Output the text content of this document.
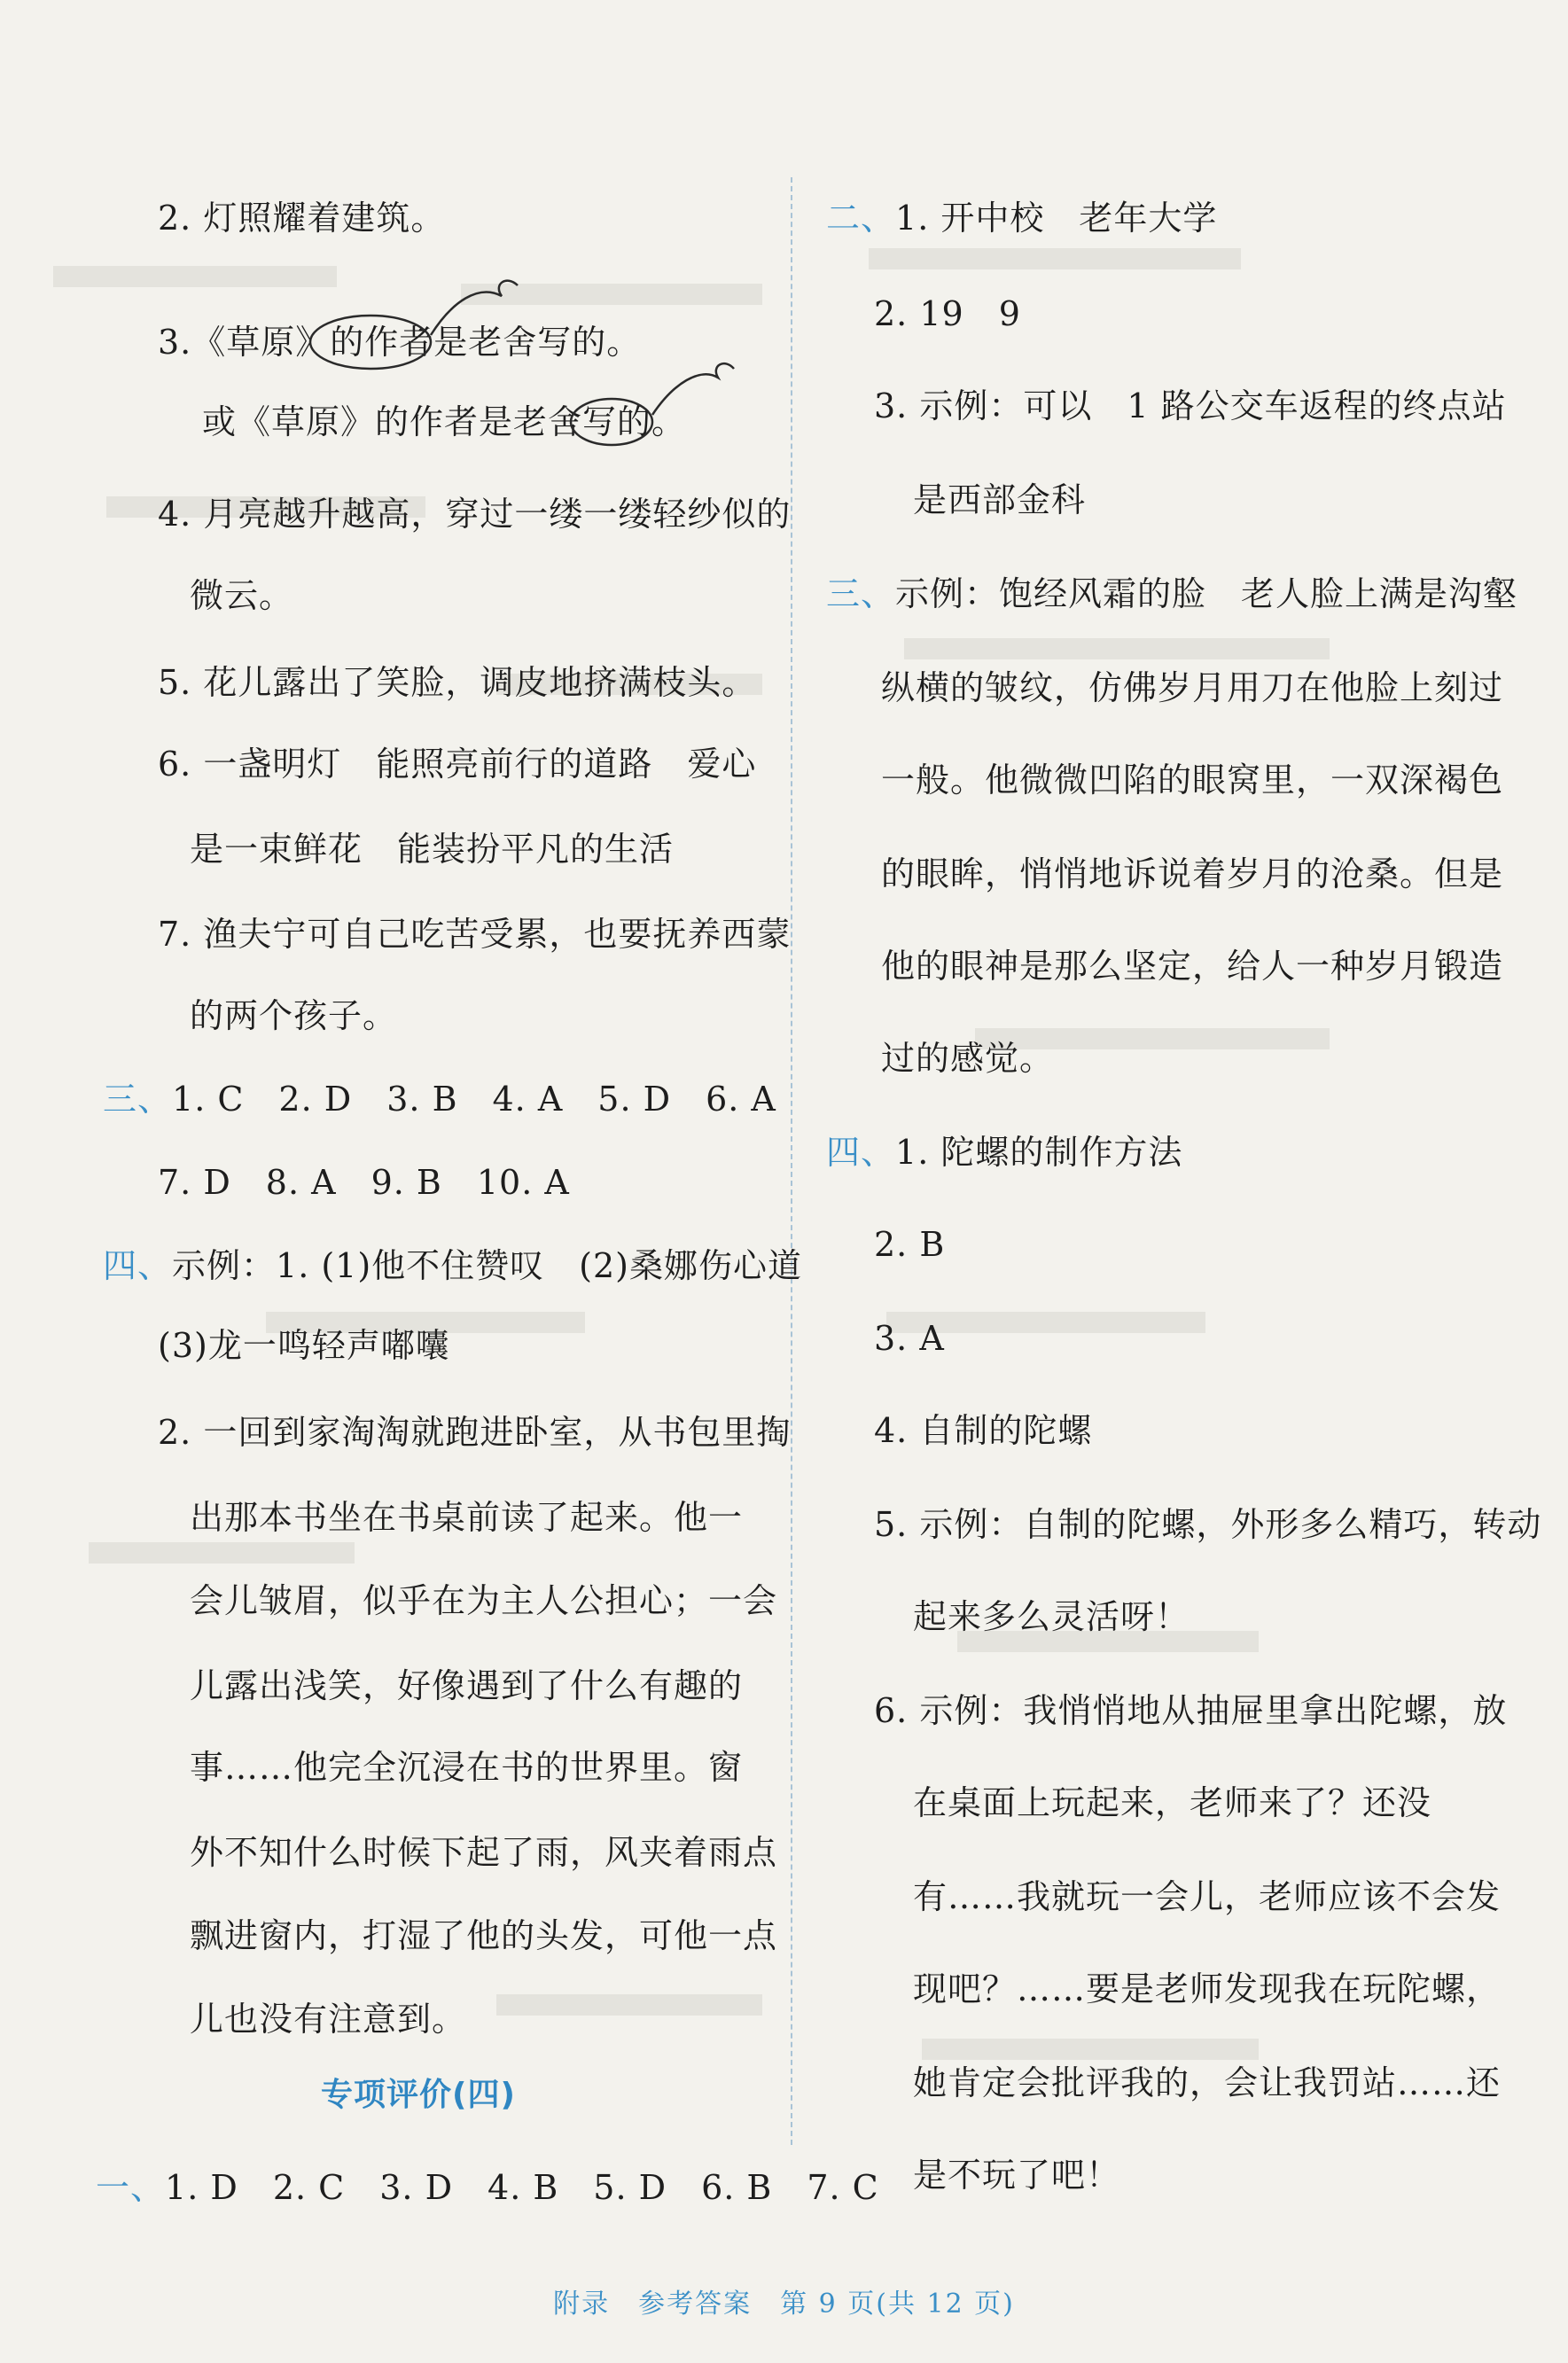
2. 灯照耀着建筑。
3.《草原》的作者是老舍写的。
或《草原》的作者是老舍写的。
4. 月亮越升越高，穿过一缕一缕轻纱似的
微云。
5. 花儿露出了笑脸，调皮地挤满枝头。
6. 一盏明灯　能照亮前行的道路　爱心
是一束鲜花　能装扮平凡的生活
7. 渔夫宁可自己吃苦受累，也要抚养西蒙
的两个孩子。
三、1. C　2. D　3. B　4. A　5. D　6. A
7. D　8. A　9. B　10. A
四、示例：1. (1)他不住赞叹　(2)桑娜伤心道
(3)龙一鸣轻声嘟囔
2. 一回到家淘淘就跑进卧室，从书包里掏
出那本书坐在书桌前读了起来。他一
会儿皱眉，似乎在为主人公担心；一会
儿露出浅笑，好像遇到了什么有趣的
事……他完全沉浸在书的世界里。窗
外不知什么时候下起了雨，风夹着雨点
飘进窗内，打湿了他的头发，可他一点
儿也没有注意到。
专项评价(四)
一、1. D　2. C　3. D　4. B　5. D　6. B　7. C
二、1. 开中校　老年大学
2. 19　9
3. 示例：可以　1 路公交车返程的终点站
是西部金科
三、示例：饱经风霜的脸　老人脸上满是沟壑
纵横的皱纹，仿佛岁月用刀在他脸上刻过
一般。他微微凹陷的眼窝里，一双深褐色
的眼眸，悄悄地诉说着岁月的沧桑。但是
他的眼神是那么坚定，给人一种岁月锻造
过的感觉。
四、1. 陀螺的制作方法
2. B
3. A
4. 自制的陀螺
5. 示例：自制的陀螺，外形多么精巧，转动
起来多么灵活呀！
6. 示例：我悄悄地从抽屉里拿出陀螺，放
在桌面上玩起来，老师来了？还没
有……我就玩一会儿，老师应该不会发
现吧？……要是老师发现我在玩陀螺，
她肯定会批评我的，会让我罚站……还
是不玩了吧！
附录　参考答案　第 9 页(共 12 页)
